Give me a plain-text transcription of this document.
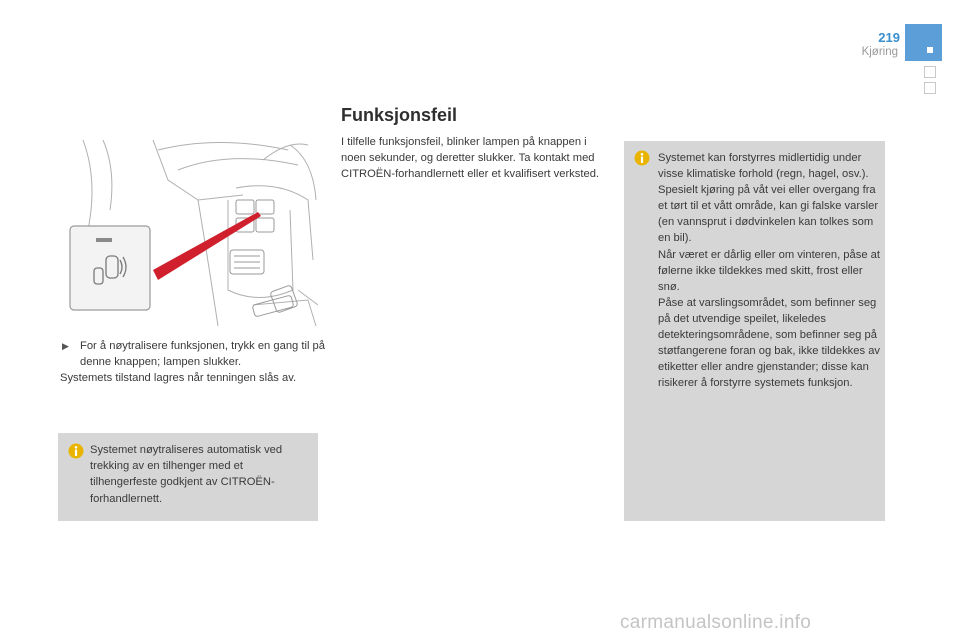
219
Kjøring
▶ For å nøytralisere funksjonen, trykk en gang til på denne knappen; lampen slukker.
Systemets tilstand lagres når tenningen slås av.
Systemet nøytraliseres automatisk ved trekking av en tilhenger med et tilhengerfeste godkjent av CITROËN-forhandlernett.
Funksjonsfeil
I tilfelle funksjonsfeil, blinker lampen på knappen i noen sekunder, og deretter slukker. Ta kontakt med CITROËN-forhandlernett eller et kvalifisert verksted.
Systemet kan forstyrres midlertidig under visse klimatiske forhold (regn, hagel, osv.).
Spesielt kjøring på våt vei eller overgang fra et tørt til et vått område, kan gi falske varsler (en vannsprut i dødvinkelen kan tolkes som en bil).
Når været er dårlig eller om vinteren, påse at følerne ikke tildekkes med skitt, frost eller snø.
Påse at varslingsområdet, som befinner seg på det utvendige speilet, likeledes detekteringsområdene, som befinner seg på støtfangerene foran og bak, ikke tildekkes av etiketter eller andre gjenstander; disse kan risikerer å forstyrre systemets funksjon.
carmanualsonline.info
